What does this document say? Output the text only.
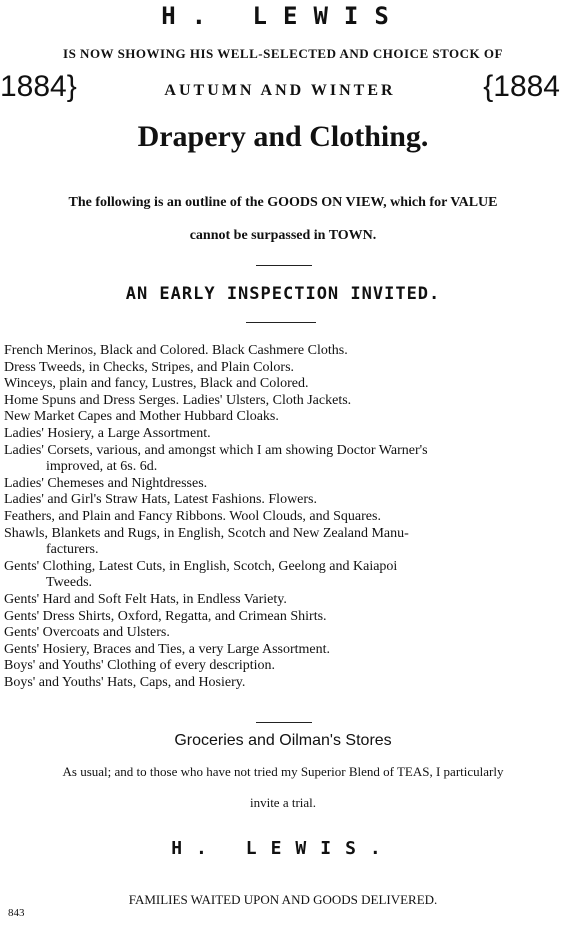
H. LEWIS
IS NOW SHOWING HIS WELL-SELECTED AND CHOICE STOCK OF
1884}	AUTUMN AND WINTER	{1884
Drapery and Clothing.
The following is an outline of the GOODS ON VIEW, which for VALUE
cannot be surpassed in TOWN.
AN EARLY INSPECTION INVITED.
French Merinos, Black and Colored. Black Cashmere Cloths.
Dress Tweeds, in Checks, Stripes, and Plain Colors.
Winceys, plain and fancy, Lustres, Black and Colored.
Home Spuns and Dress Serges. Ladies' Ulsters, Cloth Jackets.
New Market Capes and Mother Hubbard Cloaks.
Ladies' Hosiery, a Large Assortment.
Ladies' Corsets, various, and amongst which I am showing Doctor Warner's
improved, at 6s. 6d.
Ladies' Chemeses and Nightdresses.
Ladies' and Girl's Straw Hats, Latest Fashions. Flowers.
Feathers, and Plain and Fancy Ribbons. Wool Clouds, and Squares.
Shawls, Blankets and Rugs, in English, Scotch and New Zealand Manu-
facturers.
Gents' Clothing, Latest Cuts, in English, Scotch, Geelong and Kaiapoi
Tweeds.
Gents' Hard and Soft Felt Hats, in Endless Variety.
Gents' Dress Shirts, Oxford, Regatta, and Crimean Shirts.
Gents' Overcoats and Ulsters.
Gents' Hosiery, Braces and Ties, a very Large Assortment.
Boys' and Youths' Clothing of every description.
Boys' and Youths' Hats, Caps, and Hosiery.
Groceries and Oilman's Stores
As usual; and to those who have not tried my Superior Blend of TEAS, I particularly
invite a trial.
H. LEWIS.
FAMILIES WAITED UPON AND GOODS DELIVERED.
843
